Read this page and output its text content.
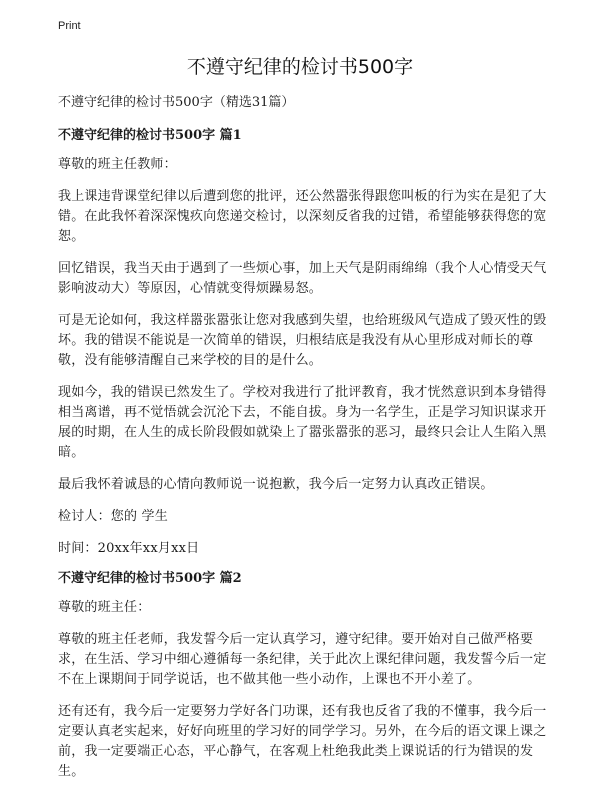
Print
不遵守纪律的检讨书500字

不遵守纪律的检讨书500字（精选31篇）

不遵守纪律的检讨书500字 篇1

尊敬的班主任教师：

我上课违背课堂纪律以后遭到您的批评，还公然嚣张得跟您叫板的行为实在是犯了大错。在此我怀着深深愧疚向您递交检讨，以深刻反省我的过错，希望能够获得您的宽恕。

回忆错误，我当天由于遇到了一些烦心事，加上天气是阴雨绵绵（我个人心情受天气影响波动大）等原因，心情就变得烦躁易怒。

可是无论如何，我这样嚣张嚣张让您对我感到失望，也给班级风气造成了毁灭性的毁坏。我的错误不能说是一次简单的错误，归根结底是我没有从心里形成对师长的尊敬，没有能够清醒自己来学校的目的是什么。

现如今，我的错误已然发生了。学校对我进行了批评教育，我才恍然意识到本身错得相当离谱，再不觉悟就会沉沦下去，不能自拔。身为一名学生，正是学习知识谋求开展的时期，在人生的成长阶段假如就染上了嚣张嚣张的恶习，最终只会让人生陷入黑暗。

最后我怀着诚恳的心情向教师说一说抱歉，我今后一定努力认真改正错误。

检讨人：您的 学生

时间：20xx年xx月xx日

不遵守纪律的检讨书500字 篇2

尊敬的班主任：

尊敬的班主任老师，我发誓今后一定认真学习，遵守纪律。要开始对自己做严格要求，在生活、学习中细心遵循每一条纪律，关于此次上课纪律问题，我发誓今后一定不在上课期间于同学说话，也不做其他一些小动作，上课也不开小差了。

还有还有，我今后一定要努力学好各门功课，还有我也反省了我的不懂事，我今后一定要认真老实起来，好好向班里的学习好的同学学习。另外，在今后的语文课上课之前，我一定要端正心态，平心静气，在客观上杜绝我此类上课说话的行为错误的发生。
